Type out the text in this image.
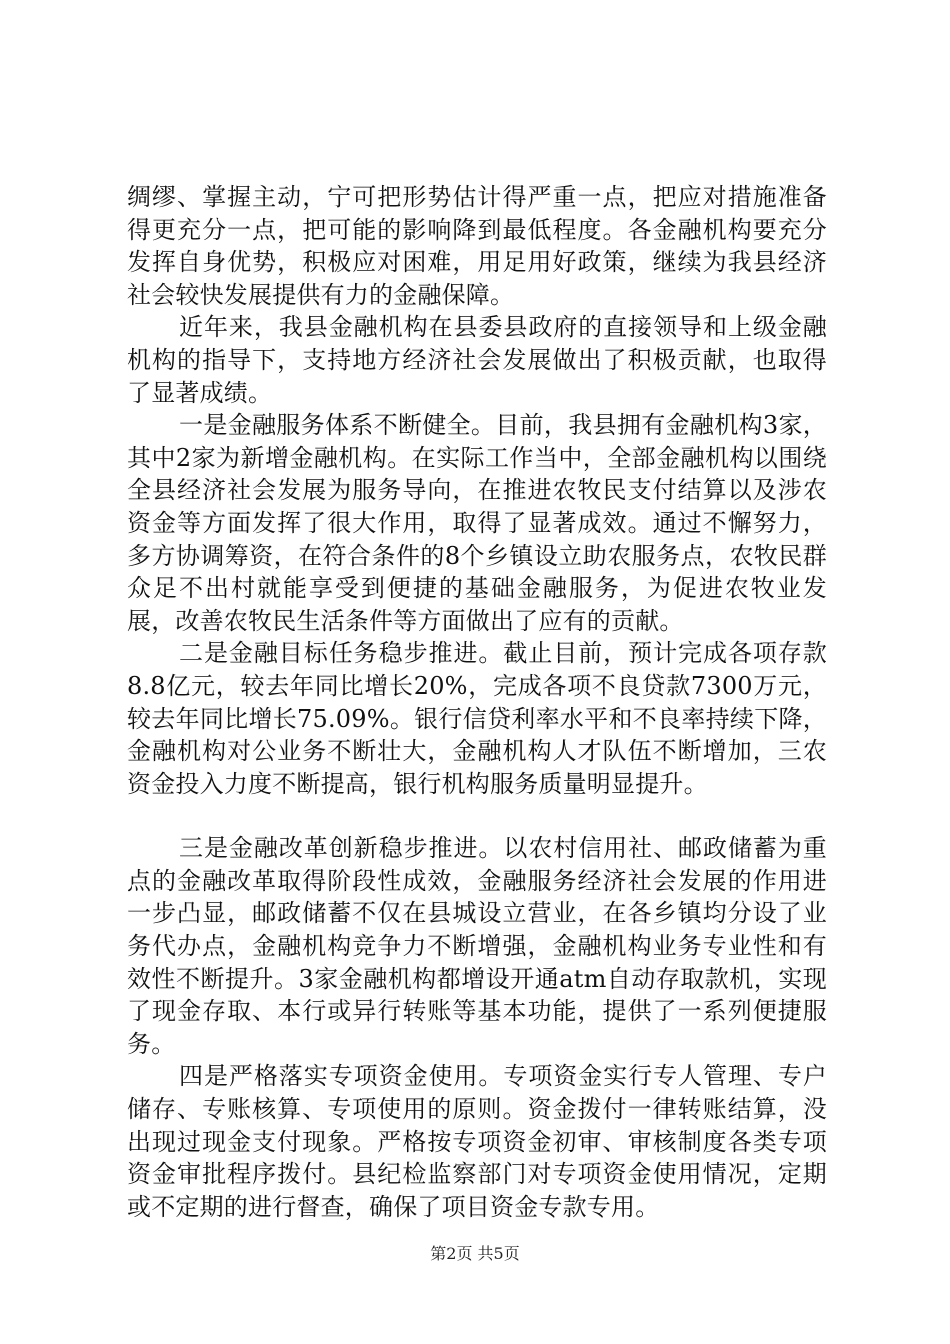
绸缪、掌握主动，宁可把形势估计得严重一点，把应对措施准备得更充分一点，把可能的影响降到最低程度。各金融机构要充分发挥自身优势，积极应对困难，用足用好政策，继续为我县经济社会较快发展提供有力的金融保障。

近年来，我县金融机构在县委县政府的直接领导和上级金融机构的指导下，支持地方经济社会发展做出了积极贡献，也取得了显著成绩。

一是金融服务体系不断健全。目前，我县拥有金融机构3家，其中2家为新增金融机构。在实际工作当中，全部金融机构以围绕全县经济社会发展为服务导向，在推进农牧民支付结算以及涉农资金等方面发挥了很大作用，取得了显著成效。通过不懈努力，多方协调筹资，在符合条件的8个乡镇设立助农服务点，农牧民群众足不出村就能享受到便捷的基础金融服务，为促进农牧业发展，改善农牧民生活条件等方面做出了应有的贡献。

二是金融目标任务稳步推进。截止目前，预计完成各项存款8.8亿元，较去年同比增长20%，完成各项不良贷款7300万元，较去年同比增长75.09%。银行信贷利率水平和不良率持续下降，金融机构对公业务不断壮大，金融机构人才队伍不断增加，三农资金投入力度不断提高，银行机构服务质量明显提升。

三是金融改革创新稳步推进。以农村信用社、邮政储蓄为重点的金融改革取得阶段性成效，金融服务经济社会发展的作用进一步凸显，邮政储蓄不仅在县城设立营业，在各乡镇均分设了业务代办点，金融机构竞争力不断增强，金融机构业务专业性和有效性不断提升。3家金融机构都增设开通atm自动存取款机，实现了现金存取、本行或异行转账等基本功能，提供了一系列便捷服务。

四是严格落实专项资金使用。专项资金实行专人管理、专户储存、专账核算、专项使用的原则。资金拨付一律转账结算，没出现过现金支付现象。严格按专项资金初审、审核制度各类专项资金审批程序拨付。县纪检监察部门对专项资金使用情况，定期或不定期的进行督查，确保了项目资金专款专用。

第2页 共5页
